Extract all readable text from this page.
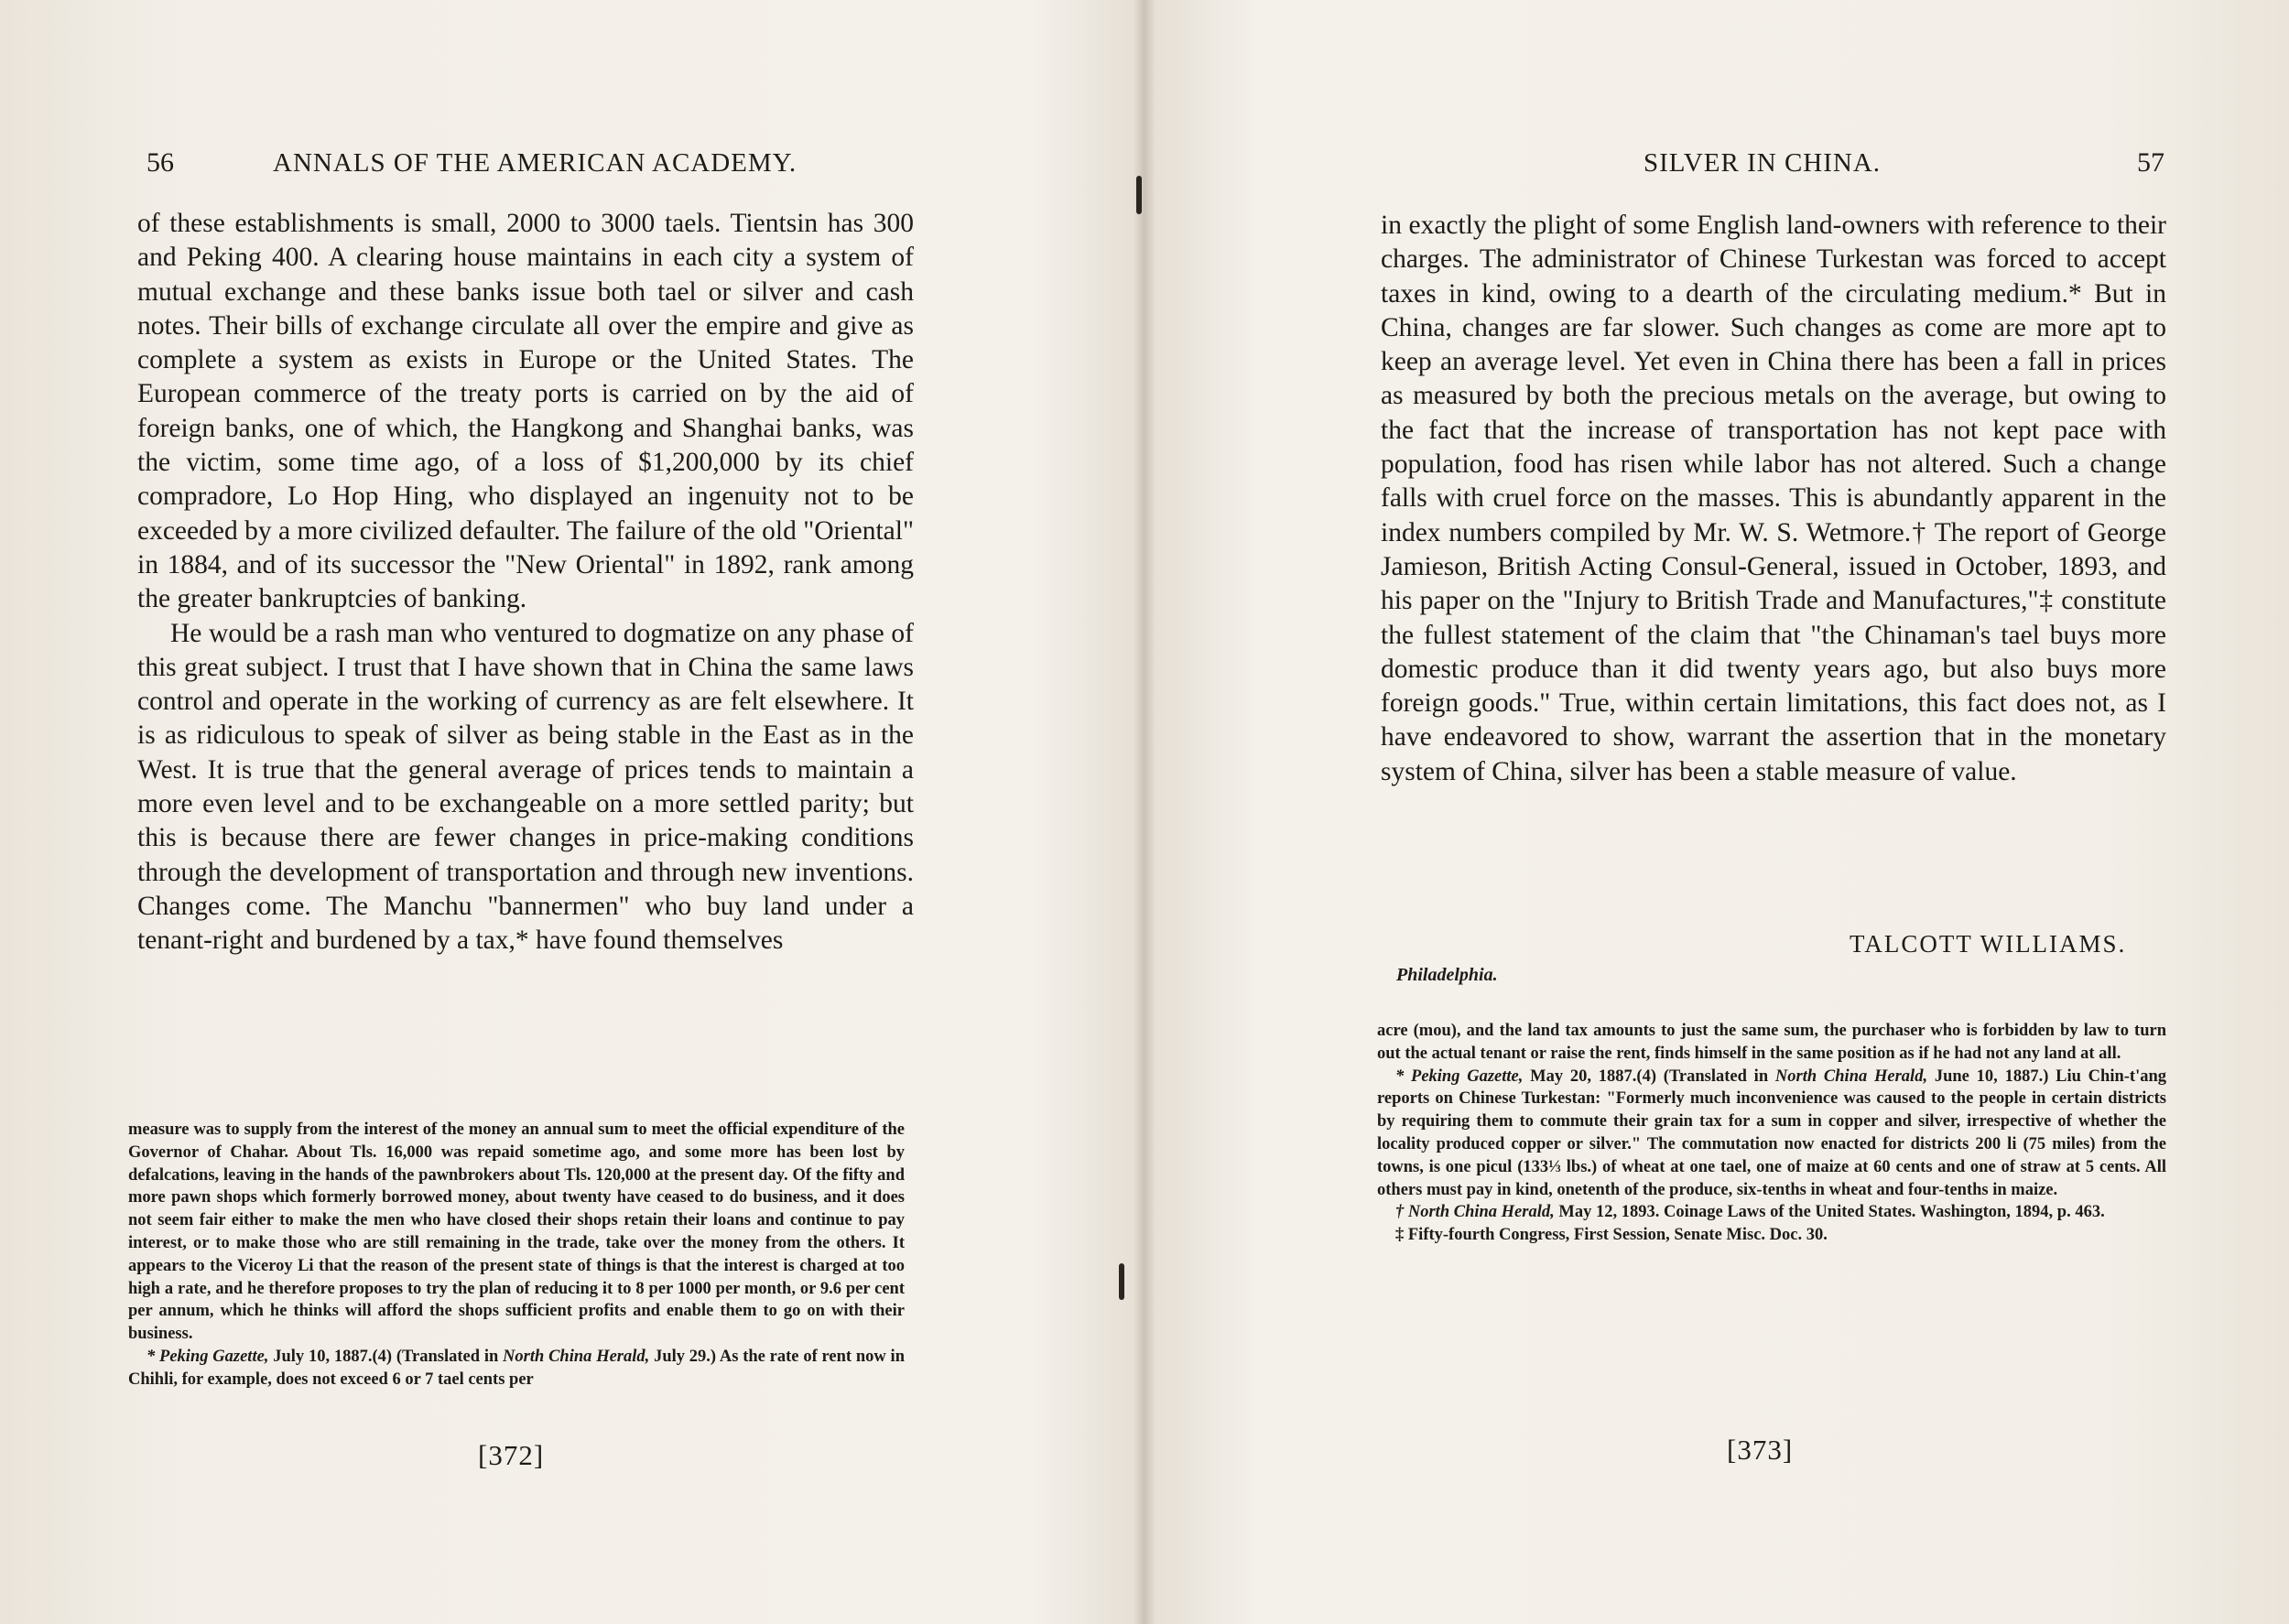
56	ANNALS OF THE AMERICAN ACADEMY.

of these establishments is small, 2000 to 3000 taels. Tientsin has 300 and Peking 400. A clearing house maintains in each city a system of mutual exchange and these banks issue both tael or silver and cash notes. Their bills of exchange circulate all over the empire and give as complete a system as exists in Europe or the United States. The European commerce of the treaty ports is carried on by the aid of foreign banks, one of which, the Hangkong and Shanghai banks, was the victim, some time ago, of a loss of $1,200,000 by its chief compradore, Lo Hop Hing, who displayed an ingenuity not to be exceeded by a more civilized defaulter. The failure of the old "Oriental" in 1884, and of its successor the "New Oriental" in 1892, rank among the greater bankruptcies of banking.

He would be a rash man who ventured to dogmatize on any phase of this great subject. I trust that I have shown that in China the same laws control and operate in the working of currency as are felt elsewhere. It is as ridiculous to speak of silver as being stable in the East as in the West. It is true that the general average of prices tends to maintain a more even level and to be exchangeable on a more settled parity; but this is because there are fewer changes in price-making conditions through the development of transportation and through new inventions. Changes come. The Manchu "bannermen" who buy land under a tenant-right and burdened by a tax,* have found themselves

measure was to supply from the interest of the money an annual sum to meet the official expenditure of the Governor of Chahar. About Tls. 16,000 was repaid sometime ago, and some more has been lost by defalcations, leaving in the hands of the pawnbrokers about Tls. 120,000 at the present day. Of the fifty and more pawn shops which formerly borrowed money, about twenty have ceased to do business, and it does not seem fair either to make the men who have closed their shops retain their loans and continue to pay interest, or to make those who are still remaining in the trade, take over the money from the others. It appears to the Viceroy Li that the reason of the present state of things is that the interest is charged at too high a rate, and he therefore proposes to try the plan of reducing it to 8 per 1000 per month, or 9.6 per cent per annum, which he thinks will afford the shops sufficient profits and enable them to go on with their business.

* Peking Gazette, July 10, 1887.(4) (Translated in North China Herald, July 29.) As the rate of rent now in Chihli, for example, does not exceed 6 or 7 tael cents per

[372]
SILVER IN CHINA.	57

in exactly the plight of some English land-owners with reference to their charges. The administrator of Chinese Turkestan was forced to accept taxes in kind, owing to a dearth of the circulating medium.* But in China, changes are far slower. Such changes as come are more apt to keep an average level. Yet even in China there has been a fall in prices as measured by both the precious metals on the average, but owing to the fact that the increase of transportation has not kept pace with population, food has risen while labor has not altered. Such a change falls with cruel force on the masses. This is abundantly apparent in the index numbers compiled by Mr. W. S. Wetmore.† The report of George Jamieson, British Acting Consul-General, issued in October, 1893, and his paper on the "Injury to British Trade and Manufactures,"‡ constitute the fullest statement of the claim that "the Chinaman's tael buys more domestic produce than it did twenty years ago, but also buys more foreign goods." True, within certain limitations, this fact does not, as I have endeavored to show, warrant the assertion that in the monetary system of China, silver has been a stable measure of value.

TALCOTT WILLIAMS.
Philadelphia.

acre (mou), and the land tax amounts to just the same sum, the purchaser who is forbidden by law to turn out the actual tenant or raise the rent, finds himself in the same position as if he had not any land at all.

* Peking Gazette, May 20, 1887.(4) (Translated in North China Herald, June 10, 1887.) Liu Chin-t'ang reports on Chinese Turkestan: "Formerly much inconvenience was caused to the people in certain districts by requiring them to commute their grain tax for a sum in copper and silver, irrespective of whether the locality produced copper or silver." The commutation now enacted for districts 200 li (75 miles) from the towns, is one picul (133⅓ lbs.) of wheat at one tael, one of maize at 60 cents and one of straw at 5 cents. All others must pay in kind, onetenth of the produce, six-tenths in wheat and four-tenths in maize.

† North China Herald, May 12, 1893. Coinage Laws of the United States. Washington, 1894, p. 463.

‡ Fifty-fourth Congress, First Session, Senate Misc. Doc. 30.

[373]
